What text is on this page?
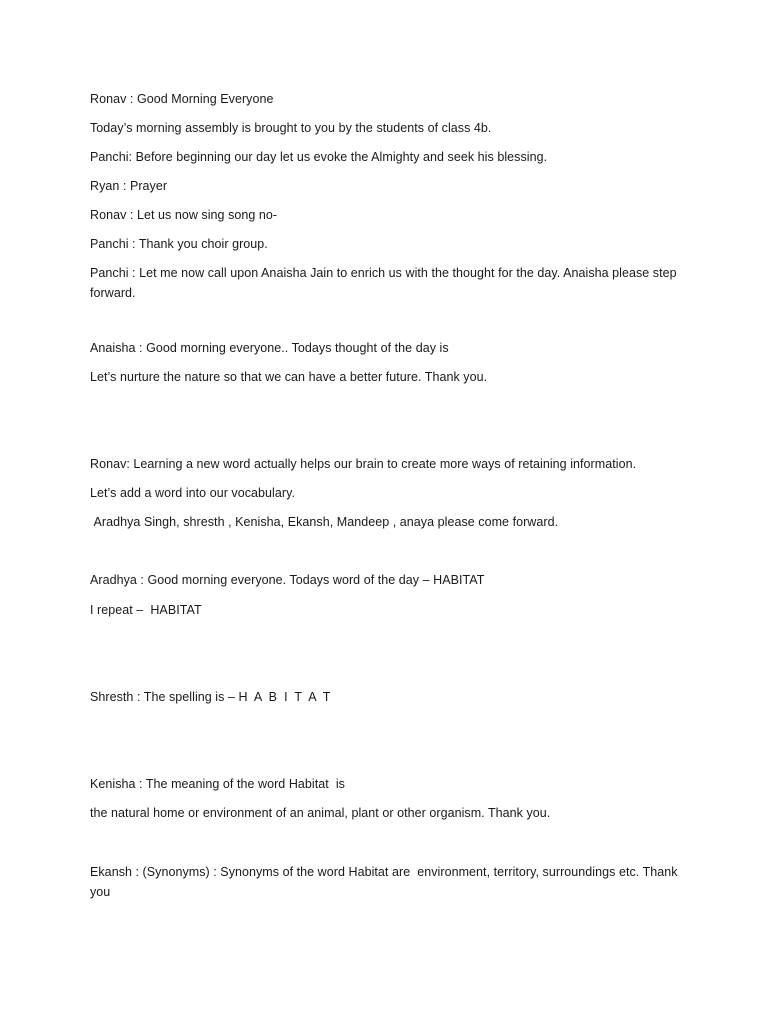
Ronav : Good Morning Everyone
Today’s morning assembly is brought to you by the students of class 4b.
Panchi: Before beginning our day let us evoke the Almighty and seek his blessing.
Ryan : Prayer
Ronav : Let us now sing song no-
Panchi : Thank you choir group.
Panchi : Let me now call upon Anaisha Jain to enrich us with the thought for the day. Anaisha please step forward.
Anaisha : Good morning everyone.. Todays thought of the day is
Let’s nurture the nature so that we can have a better future. Thank you.
Ronav: Learning a new word actually helps our brain to create more ways of retaining information.
Let’s add a word into our vocabulary.
Aradhya Singh, shresth , Kenisha, Ekansh, Mandeep , anaya please come forward.
Aradhya : Good morning everyone. Todays word of the day – HABITAT
I repeat –  HABITAT
Shresth : The spelling is – H  A  B  I  T  A  T
Kenisha : The meaning of the word Habitat  is
the natural home or environment of an animal, plant or other organism. Thank you.
Ekansh : (Synonyms) : Synonyms of the word Habitat are  environment, territory, surroundings etc. Thank you
